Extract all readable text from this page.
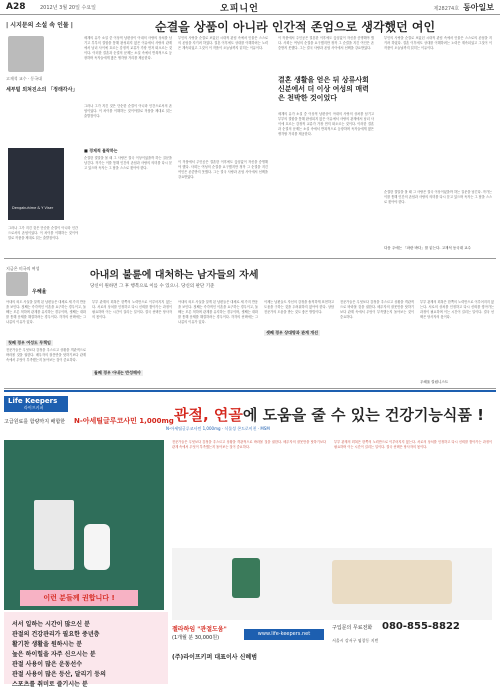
A28	2012년 3월 20일 수요일	오피니언	제28274호 동아일보
| 시지문의 소설 속 인물 |	순결을 상품이 아니라 인간적 존엄으로 생각했던 여인
고재석 교수 · 동국대
세부털 외쳐진소의 「정래각사」
세계의 유가 소설 중 이상적 남편상이 아내의 사랑의 상처를 남기고 부부의 결합을 통해 완성되지 않은 이유에서 사랑의 관계에서 남녀 사이에 흐르는 감정적 교류가 가장 먼저 떠오르는 것이다. 이러한 결혼과 순결의 문제는 소설 속에서 반복적으로 등장하며 독자들에게 많은 생각할 거리를 제공한다.
부인의 사랑을 순결로 보았던 시대적 관념 속에서 인물은 스스로의 존엄을 지키려 하였다. 결혼 이후에도 상대를 이해하려는 노력은 계속되었고 그것이 이 작품이 오늘날까지 읽히는 이유이다.
Dengakuhime & Y Viser
그러나 그가 지킨 것은 단순한 순결이 아니라 인간으로서의 존엄이었다. 이 차이를 이해하는 것이야말로 작품을 제대로 읽는 출발점이다.
■ 경제적 몰락하는
순결한 결말을 볼 때 그 사랑은 결국 이상이었을까 하는 질문을 남긴다. 작가는 이를 통해 인간의 존엄과 사랑의 의미를 다시 묻고 있으며 독자는 그 답을 스스로 찾아야 한다.
그러나 그가 지킨 것은 단순한 순결이 아니라 인간으로서의 존엄이었다. 이 차이를 이해하는 것이야말로 작품을 제대로 읽는 출발점이다.
결혼 생활을 얻은 뒤 상류사회 신분에서 더 이상 여성의 매력은 천박한 것이었다
이 작품에서 주인공은 결혼한 이후에도 끊임없이 자신을 증명해야 했다. 사회는 여성의 순결을 요구했지만 정작 그 순결을 지킨 여인은 존중받지 못했다. 그는 결국 사랑과 존엄 사이에서 선택을 강요받았다.
세계의 유가 소설 중 이상적 남편상이 아내의 사랑의 상처를 남기고 부부의 결합을 통해 완성되지 않은 이유에서 사랑의 관계에서 남녀 사이에 흐르는 감정적 교류가 가장 먼저 떠오르는 것이다. 이러한 결혼과 순결의 문제는 소설 속에서 반복적으로 등장하며 독자들에게 많은 생각할 거리를 제공한다.
이 작품에서 주인공은 결혼한 이후에도 끊임없이 자신을 증명해야 했다. 사회는 여성의 순결을 요구했지만 정작 그 순결을 지킨 여인은 존중받지 못했다. 그는 결국 사랑과 존엄 사이에서 선택을 강요받았다.
부인의 사랑을 순결로 보았던 시대적 관념 속에서 인물은 스스로의 존엄을 지키려 하였다. 결혼 이후에도 상대를 이해하려는 노력은 계속되었고 그것이 이 작품이 오늘날까지 읽히는 이유이다.
순결한 결말을 볼 때 그 사랑은 결국 이상이었을까 하는 질문을 남긴다. 작가는 이를 통해 인간의 존엄과 사랑의 의미를 다시 묻고 있으며 독자는 그 답을 스스로 찾아야 한다.
다음 주에는 「파란 바다」를 읽는다. 고재석 동국대 교수
지금은 미국의 여성
우혜율
아내의 불륜에 대처하는 남자들의 자세
당신이 원하면 그 후 행복으로 이를 수 있으니. 당신의 판단 기준
아내의 외도 사실을 알게 된 남편들은 대체로 세 가지 반응을 보인다. 첫째는 즉각적인 이혼을 요구하는 경우이고, 둘째는 모른 척하며 관계를 유지하는 경우이며, 셋째는 대화를 통해 문제를 해결하려는 경우이다. 각각의 선택에는 그 나름의 이유가 있다.
첫째 경우 여성도 무책임
전문가들은 무엇보다 감정을 추스르고 상황을 객관적으로 바라볼 것을 권한다. 배우자의 잘못만을 탓하기보다 관계 속에서 무엇이 부족했는지 돌아보는 것이 중요하다.
부부 관계의 회복은 한쪽의 노력만으로 이루어지지 않는다. 서로의 상처를 인정하고 다시 신뢰를 쌓아가는 과정이 필요하며 이는 시간이 걸리는 일이다. 결국 선택은 당사자의 몫이다.
둘째 경우 아내는 반성해야
아내의 외도 사실을 알게 된 남편들은 대체로 세 가지 반응을 보인다. 첫째는 즉각적인 이혼을 요구하는 경우이고, 둘째는 모른 척하며 관계를 유지하는 경우이며, 셋째는 대화를 통해 문제를 해결하려는 경우이다. 각각의 선택에는 그 나름의 이유가 있다.
이제는 남편들도 자신의 감정을 솔직하게 표현하고 도움을 구하는 것을 두려워하지 않아야 한다. 상담 전문가의 도움을 받는 것도 좋은 방법이다.
셋째 경우 상대방과 관계 개선
전문가들은 무엇보다 감정을 추스르고 상황을 객관적으로 바라볼 것을 권한다. 배우자의 잘못만을 탓하기보다 관계 속에서 무엇이 부족했는지 돌아보는 것이 중요하다.
부부 관계의 회복은 한쪽의 노력만으로 이루어지지 않는다. 서로의 상처를 인정하고 다시 신뢰를 쌓아가는 과정이 필요하며 이는 시간이 걸리는 일이다. 결국 선택은 당사자의 몫이다.
우혜율 칼럼니스트
Life Keepers
라이프키퍼
고급원료를 함량까지 배합한 N-아세틸글루코사민 1,000mg 관절, 연골에 도움을 줄 수 있는 건강기능식품 !
N-아세틸글루코사민 1,000mg · 식물성 콘드로이친 · MSM
전문가들은 무엇보다 감정을 추스르고 상황을 객관적으로 바라볼 것을 권한다. 배우자의 잘못만을 탓하기보다 관계 속에서 무엇이 부족했는지 돌아보는 것이 중요하다.
부부 관계의 회복은 한쪽의 노력만으로 이루어지지 않는다. 서로의 상처를 인정하고 다시 신뢰를 쌓아가는 과정이 필요하며 이는 시간이 걸리는 일이다. 결국 선택은 당사자의 몫이다.
이런 분들께 권합니다 !
서서 일하는 시간이 많으신 분
관절의 건강관리가 필요한 중년층
활기찬 생활을 원하시는 분
높은 하이힐을 자주 신으시는 분
관절 사용이 많은 운동선수
관절 사용이 많은 등산, 달리기 등의
스포츠를 취미로 즐기시는 분
젤라하임 "관절도움"
(1개월 분 30,000원)
www.life-keepers.net
구입문의 무료전화 080-855-8822
서울시 강서구 염창동 지번
(주)라이프키퍼 대표이사 신혜범
